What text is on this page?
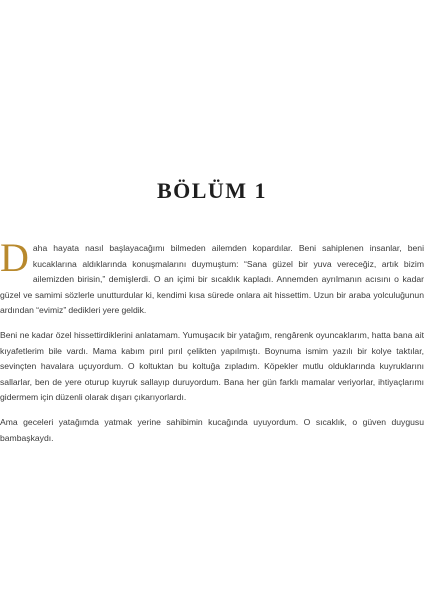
BÖLÜM 1

Daha hayata nasıl başlayacağımı bilmeden ailemden kopardılar. Beni sahiplenen insanlar, beni kucaklarına aldıklarında konuşmalarını duymuştum: “Sana güzel bir yuva vereceğiz, artık bizim ailemizden birisin,” demişlerdi. O an içimi bir sıcaklık kapladı. Annemden ayrılmanın acısını o kadar güzel ve samimi sözlerle unutturdular ki, kendimi kısa sürede onlara ait hissettim. Uzun bir araba yolculuğunun ardından “evimiz” dedikleri yere geldik.

Beni ne kadar özel hissettirdiklerini anlatamam. Yumuşacık bir yatağım, rengârenk oyuncaklarım, hatta bana ait kıyafetlerim bile vardı. Mama kabım pırıl pırıl çelikten yapılmıştı. Boynuma ismim yazılı bir kolye taktılar, sevinçten havalara uçuyordum. O koltuktan bu koltuğa zıpladım. Köpekler mutlu olduklarında kuyruklarını sallarlar, ben de yere oturup kuyruk sallayıp duruyordum. Bana her gün farklı mamalar veriyorlar, ihtiyaçlarımı gidermem için düzenli olarak dışarı çıkarıyorlardı.

Ama geceleri yatağımda yatmak yerine sahibimin kucağında uyuyordum. O sıcaklık, o güven duygusu bambaşkaydı.
